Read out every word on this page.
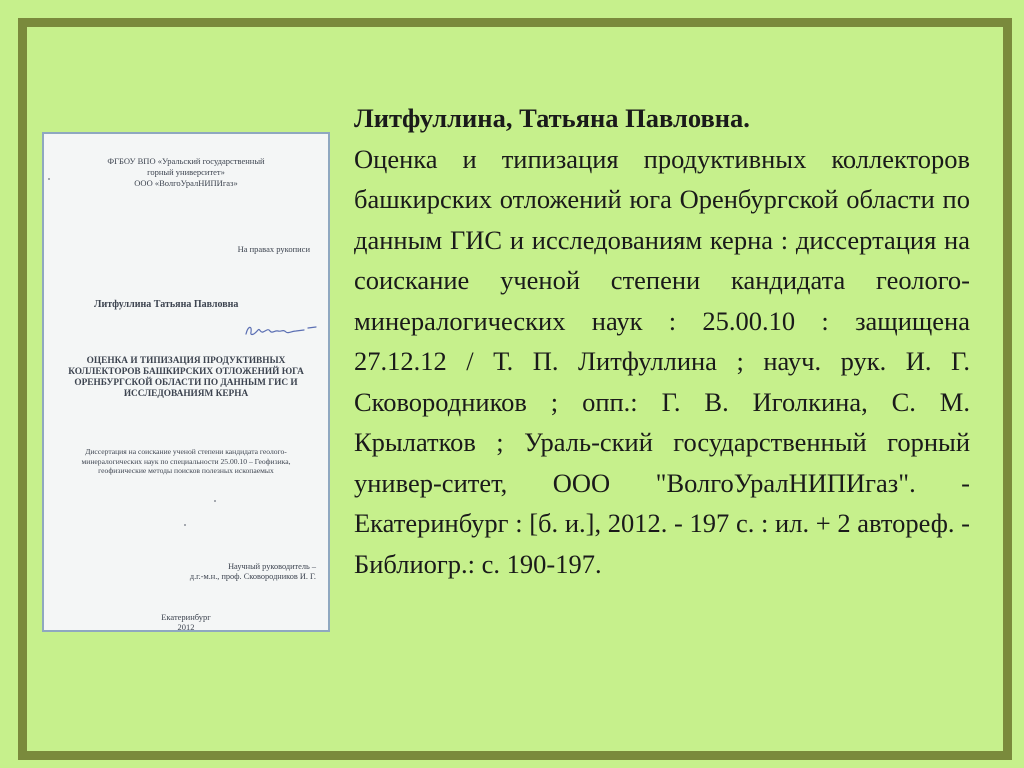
ФГБОУ ВПО «Уральский государственный
горный университет»
ООО «ВолгоУралНИПИгаз»
На правах рукописи
Литфуллина Татьяна Павловна
ОЦЕНКА И ТИПИЗАЦИЯ ПРОДУКТИВНЫХ
КОЛЛЕКТОРОВ БАШКИРСКИХ ОТЛОЖЕНИЙ ЮГА
ОРЕНБУРГСКОЙ ОБЛАСТИ ПО ДАННЫМ ГИС И
ИССЛЕДОВАНИЯМ КЕРНА
Диссертация на соискание ученой степени кандидата геолого-
минералогических наук по специальности 25.00.10 – Геофизика,
геофизические методы поисков полезных ископаемых
Научный руководитель –
д.г.-м.н., проф. Сковородников И. Г.
Екатеринбург
2012
Литфуллина, Татьяна Павловна.
Оценка и типизация продуктивных коллекторов башкирских отложений юга Оренбургской области по данным ГИС и исследованиям керна : диссертация на соискание ученой степени кандидата геолого-минералогических наук : 25.00.10 : защищена 27.12.12 / Т. П. Литфуллина ; науч. рук. И. Г. Сковородников ; опп.: Г. В. Иголкина, С. М. Крылатков ; Ураль-ский государственный горный универ-ситет, ООО "ВолгоУралНИПИгаз". - Екатеринбург : [б. и.], 2012. - 197 с. : ил. + 2 автореф. - Библиогр.: с. 190-197.
